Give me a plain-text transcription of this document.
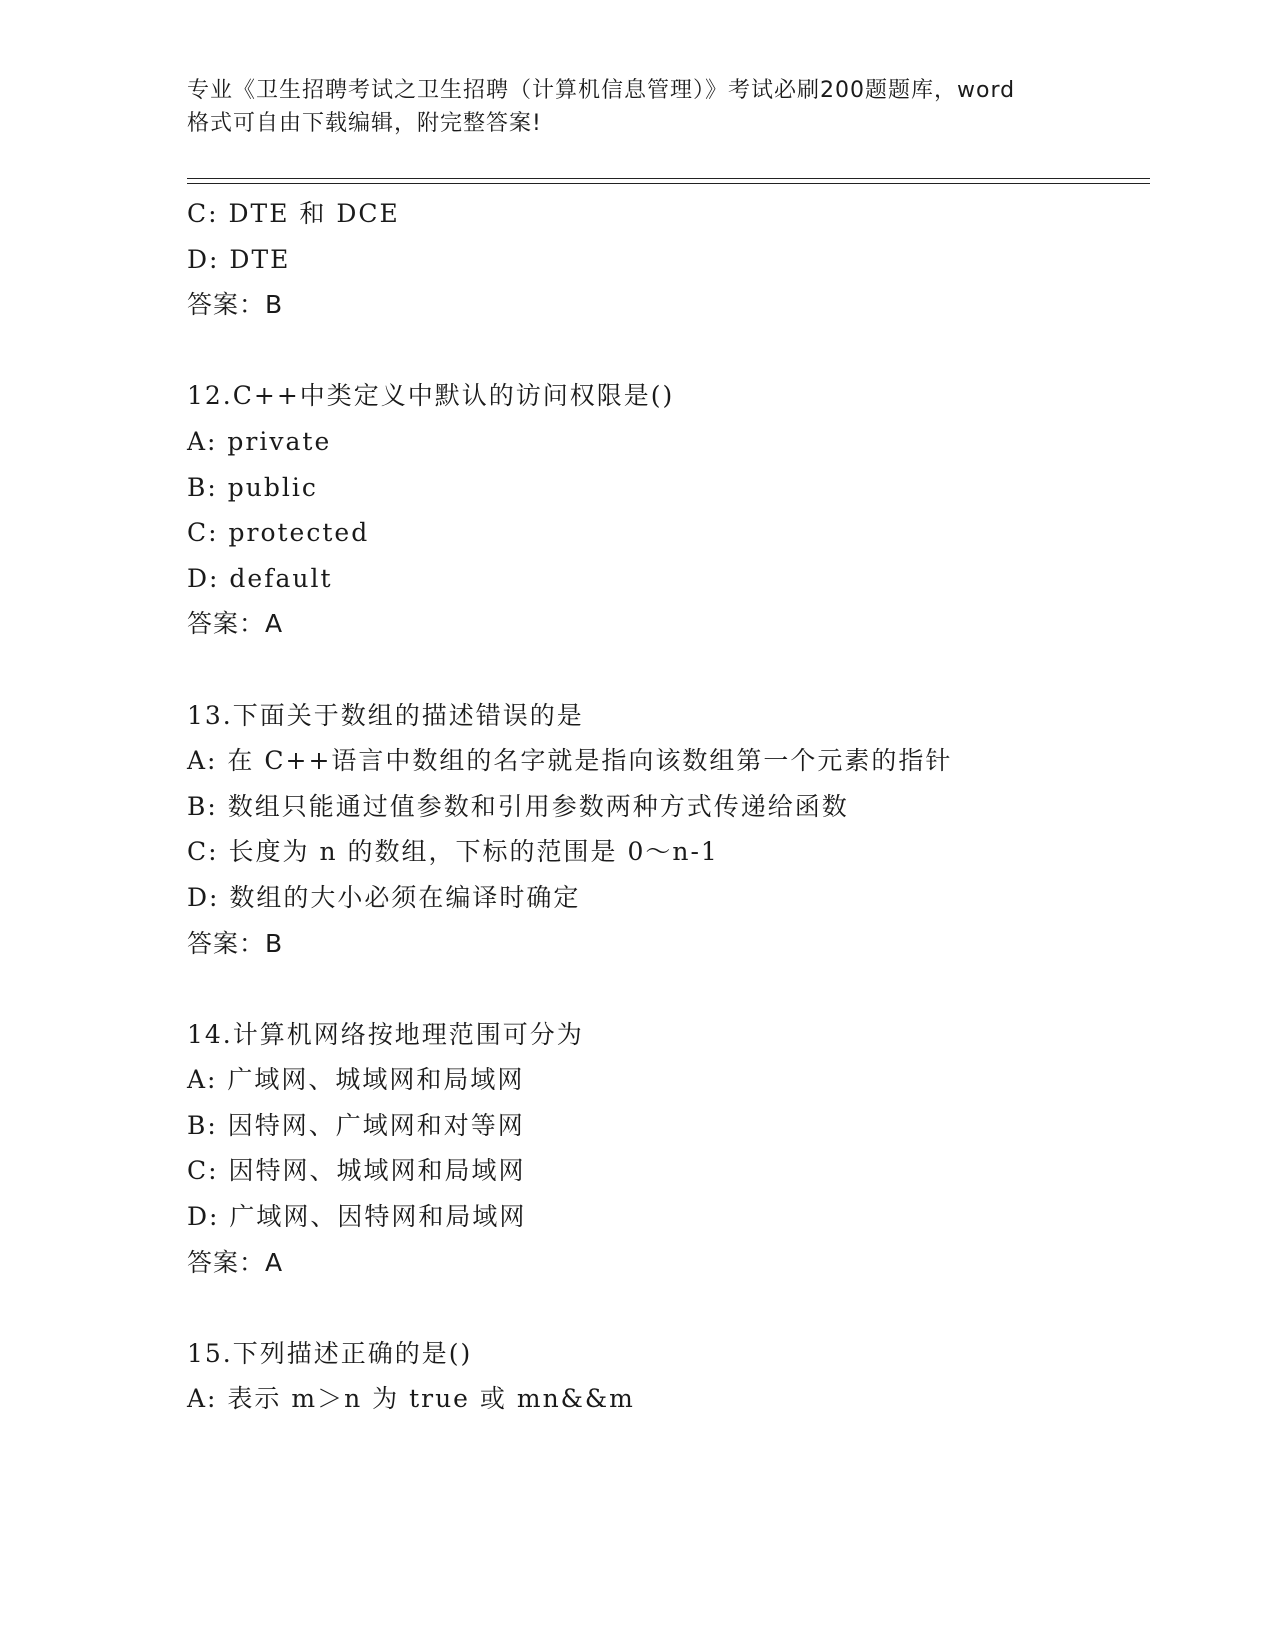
专业《卫生招聘考试之卫生招聘（计算机信息管理）》考试必刷200题题库，word
格式可自由下载编辑，附完整答案!
C: DTE 和 DCE
D: DTE
答案：B
12.C++中类定义中默认的访问权限是()
A: private
B: public
C: protected
D: default
答案：A
13.下面关于数组的描述错误的是
A: 在 C++语言中数组的名字就是指向该数组第一个元素的指针
B: 数组只能通过值参数和引用参数两种方式传递给函数
C: 长度为 n 的数组，下标的范围是 0～n-1
D: 数组的大小必须在编译时确定
答案：B
14.计算机网络按地理范围可分为
A: 广域网、城域网和局域网
B: 因特网、广域网和对等网
C: 因特网、城域网和局域网
D: 广域网、因特网和局域网
答案：A
15.下列描述正确的是()
A: 表示 m＞n 为 true 或 mn&&m
